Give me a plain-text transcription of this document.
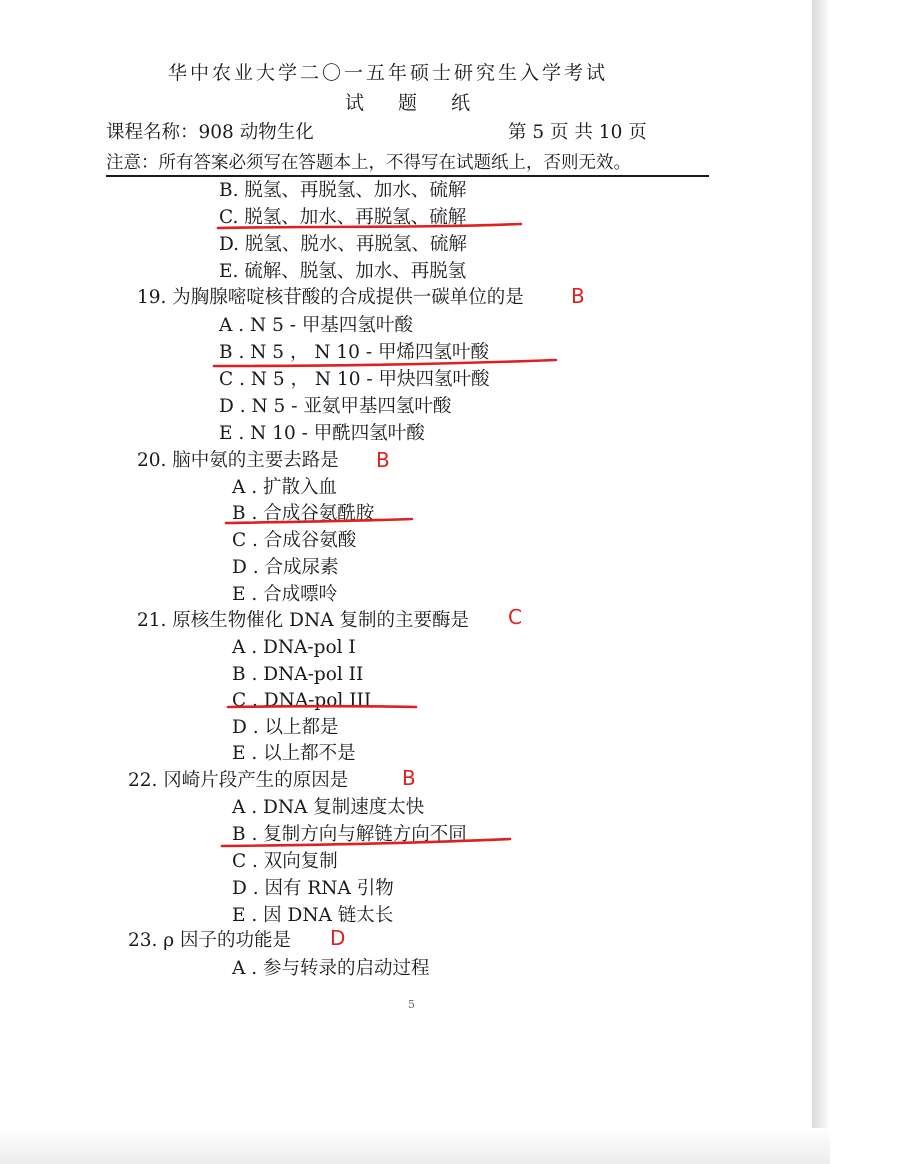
华中农业大学二〇一五年硕士研究生入学考试
试 题 纸
课程名称：908 动物生化	第 5 页 共 10 页
注意：所有答案必须写在答题本上，不得写在试题纸上，否则无效。
B. 脱氢、再脱氢、加水、硫解
C. 脱氢、加水、再脱氢、硫解
D. 脱氢、脱水、再脱氢、硫解
E. 硫解、脱氢、加水、再脱氢
19. 为胸腺嘧啶核苷酸的合成提供一碳单位的是 B
A . N 5 - 甲基四氢叶酸
B . N 5 ， N 10 - 甲烯四氢叶酸
C . N 5 ， N 10 - 甲炔四氢叶酸
D . N 5 - 亚氨甲基四氢叶酸
E . N 10 - 甲酰四氢叶酸
20. 脑中氨的主要去路是 B
A . 扩散入血
B . 合成谷氨酰胺
C . 合成谷氨酸
D . 合成尿素
E . 合成嘌呤
21. 原核生物催化 DNA 复制的主要酶是 C
A . DNA-pol I
B . DNA-pol II
C . DNA-pol III
D . 以上都是
E . 以上都不是
22. 冈崎片段产生的原因是	B
A . DNA 复制速度太快
B . 复制方向与解链方向不同
C . 双向复制
D . 因有 RNA 引物
E . 因 DNA 链太长
23. ρ 因子的功能是 D
A . 参与转录的启动过程
5
